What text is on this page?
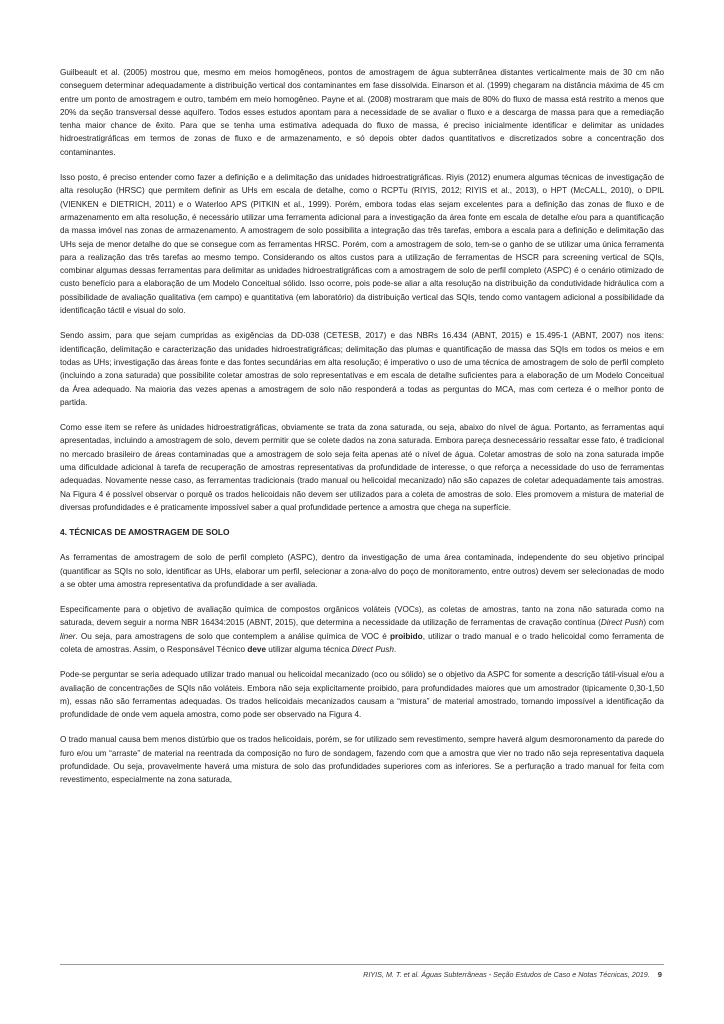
Guilbeault et al. (2005) mostrou que, mesmo em meios homogêneos, pontos de amostragem de água subterrânea distantes verticalmente mais de 30 cm não conseguem determinar adequadamente a distribuição vertical dos contaminantes em fase dissolvida. Einarson et al. (1999) chegaram na distância máxima de 45 cm entre um ponto de amostragem e outro, também em meio homogêneo. Payne et al. (2008) mostraram que mais de 80% do fluxo de massa está restrito a menos que 20% da seção transversal desse aquífero. Todos esses estudos apontam para a necessidade de se avaliar o fluxo e a descarga de massa para que a remediação tenha maior chance de êxito. Para que se tenha uma estimativa adequada do fluxo de massa, é preciso inicialmente identificar e delimitar as unidades hidroestratigráficas em termos de zonas de fluxo e de armazenamento, e só depois obter dados quantitativos e discretizados sobre a concentração dos contaminantes.

Isso posto, é preciso entender como fazer a definição e a delimitação das unidades hidroestratigráficas. Riyis (2012) enumera algumas técnicas de investigação de alta resolução (HRSC) que permitem definir as UHs em escala de detalhe, como o RCPTu (RIYIS, 2012; RIYIS et al., 2013), o HPT (McCALL, 2010), o DPIL (VIENKEN e DIETRICH, 2011) e o Waterloo APS (PITKIN et al., 1999). Porém, embora todas elas sejam excelentes para a definição das zonas de fluxo e de armazenamento em alta resolução, é necessário utilizar uma ferramenta adicional para a investigação da área fonte em escala de detalhe e/ou para a quantificação da massa imóvel nas zonas de armazenamento. A amostragem de solo possibilita a integração das três tarefas, embora a escala para a definição e delimitação das UHs seja de menor detalhe do que se consegue com as ferramentas HRSC. Porém, com a amostragem de solo, tem-se o ganho de se utilizar uma única ferramenta para a realização das três tarefas ao mesmo tempo. Considerando os altos custos para a utilização de ferramentas de HSCR para screening vertical de SQIs, combinar algumas dessas ferramentas para delimitar as unidades hidroestratigráficas com a amostragem de solo de perfil completo (ASPC) é o cenário otimizado de custo benefício para a elaboração de um Modelo Conceitual sólido. Isso ocorre, pois pode-se aliar a alta resolução na distribuição da condutividade hidráulica com a possibilidade de avaliação qualitativa (em campo) e quantitativa (em laboratório) da distribuição vertical das SQIs, tendo como vantagem adicional a possibilidade da identificação táctil e visual do solo.

Sendo assim, para que sejam cumpridas as exigências da DD-038 (CETESB, 2017) e das NBRs 16.434 (ABNT, 2015) e 15.495-1 (ABNT, 2007) nos itens: identificação, delimitação e caracterização das unidades hidroestratigráficas; delimitação das plumas e quantificação de massa das SQIs em todos os meios e em todas as UHs; investigação das áreas fonte e das fontes secundárias em alta resolução; é imperativo o uso de uma técnica de amostragem de solo de perfil completo (incluindo a zona saturada) que possibilite coletar amostras de solo representativas e em escala de detalhe suficientes para a elaboração de um Modelo Conceitual da Área adequado. Na maioria das vezes apenas a amostragem de solo não responderá a todas as perguntas do MCA, mas com certeza é o melhor ponto de partida.

Como esse item se refere às unidades hidroestratigráficas, obviamente se trata da zona saturada, ou seja, abaixo do nível de água. Portanto, as ferramentas aqui apresentadas, incluindo a amostragem de solo, devem permitir que se colete dados na zona saturada. Embora pareça desnecessário ressaltar esse fato, é tradicional no mercado brasileiro de áreas contaminadas que a amostragem de solo seja feita apenas até o nível de água. Coletar amostras de solo na zona saturada impõe uma dificuldade adicional à tarefa de recuperação de amostras representativas da profundidade de interesse, o que reforça a necessidade do uso de ferramentas adequadas. Novamente nesse caso, as ferramentas tradicionais (trado manual ou helicoidal mecanizado) não são capazes de coletar adequadamente tais amostras. Na Figura 4 é possível observar o porquê os trados helicoidais não devem ser utilizados para a coleta de amostras de solo. Eles promovem a mistura de material de diversas profundidades e é praticamente impossível saber a qual profundidade pertence a amostra que chega na superfície.

4. TÉCNICAS DE AMOSTRAGEM DE SOLO

As ferramentas de amostragem de solo de perfil completo (ASPC), dentro da investigação de uma área contaminada, independente do seu objetivo principal (quantificar as SQIs no solo, identificar as UHs, elaborar um perfil, selecionar a zona-alvo do poço de monitoramento, entre outros) devem ser selecionadas de modo a se obter uma amostra representativa da profundidade a ser avaliada.

Especificamente para o objetivo de avaliação química de compostos orgânicos voláteis (VOCs), as coletas de amostras, tanto na zona não saturada como na saturada, devem seguir a norma NBR 16434:2015 (ABNT, 2015), que determina a necessidade da utilização de ferramentas de cravação contínua (Direct Push) com liner. Ou seja, para amostragens de solo que contemplem a análise química de VOC é proibido, utilizar o trado manual e o trado helicoidal como ferramenta de coleta de amostras. Assim, o Responsável Técnico deve utilizar alguma técnica Direct Push.

Pode-se perguntar se seria adequado utilizar trado manual ou helicoidal mecanizado (oco ou sólido) se o objetivo da ASPC for somente a descrição tátil-visual e/ou a avaliação de concentrações de SQIs não voláteis. Embora não seja explicitamente proibido, para profundidades maiores que um amostrador (tipicamente 0,30-1,50 m), essas não são ferramentas adequadas. Os trados helicoidais mecanizados causam a “mistura” de material amostrado, tornando impossível a identificação da profundidade de onde vem aquela amostra, como pode ser observado na Figura 4.

O trado manual causa bem menos distúrbio que os trados helicoidais, porém, se for utilizado sem revestimento, sempre haverá algum desmoronamento da parede do furo e/ou um “arraste” de material na reentrada da composição no furo de sondagem, fazendo com que a amostra que vier no trado não seja representativa daquela profundidade. Ou seja, provavelmente haverá uma mistura de solo das profundidades superiores com as inferiores. Se a perfuração a trado manual for feita com revestimento, especialmente na zona saturada,

RIYIS, M. T. et al. Águas Subterrâneas - Seção Estudos de Caso e Notas Técnicas, 2019. 9
